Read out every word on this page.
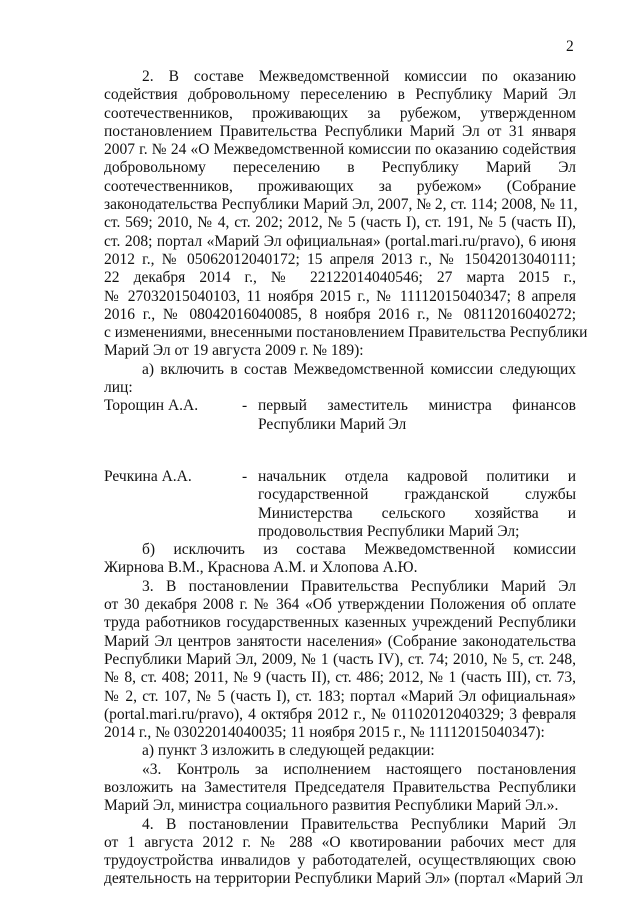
2
2. В составе Межведомственной комиссии по оказанию
содействия добровольному переселению в Республику Марий Эл
соотечественников, проживающих за рубежом, утвержденном
постановлением Правительства Республики Марий Эл от 31 января
2007 г. № 24 «О Межведомственной комиссии по оказанию содействия
добровольному переселению в Республику Марий Эл
соотечественников, проживающих за рубежом» (Собрание
законодательства Республики Марий Эл, 2007, № 2, ст. 114; 2008, № 11,
ст. 569; 2010, № 4, ст. 202; 2012, № 5 (часть I), ст. 191, № 5 (часть II),
ст. 208; портал «Марий Эл официальная» (portal.mari.ru/pravo), 6 июня
2012 г., № 05062012040172; 15 апреля 2013 г., № 15042013040111;
22 декабря 2014 г., № 22122014040546; 27 марта 2015 г.,
№ 27032015040103, 11 ноября 2015 г., № 11112015040347; 8 апреля
2016 г., № 08042016040085, 8 ноября 2016 г., № 08112016040272;
с изменениями, внесенными постановлением Правительства Республики
Марий Эл от 19 августа 2009 г. № 189):
а) включить в состав Межведомственной комиссии следующих
лиц:
Торощин А.А.	- первый заместитель министра финансов
Республики Марий Эл
Речкина А.А.	- начальник отдела кадровой политики и
государственной гражданской службы
Министерства сельского хозяйства и
продовольствия Республики Марий Эл;
б) исключить из состава Межведомственной комиссии
Жирнова В.М., Краснова А.М. и Хлопова А.Ю.
3. В постановлении Правительства Республики Марий Эл
от 30 декабря 2008 г. № 364 «Об утверждении Положения об оплате
труда работников государственных казенных учреждений Республики
Марий Эл центров занятости населения» (Собрание законодательства
Республики Марий Эл, 2009, № 1 (часть IV), ст. 74; 2010, № 5, ст. 248,
№ 8, ст. 408; 2011, № 9 (часть II), ст. 486; 2012, № 1 (часть III), ст. 73,
№ 2, ст. 107, № 5 (часть I), ст. 183; портал «Марий Эл официальная»
(portal.mari.ru/pravo), 4 октября 2012 г., № 01102012040329; 3 февраля
2014 г., № 03022014040035; 11 ноября 2015 г., № 11112015040347):
а) пункт 3 изложить в следующей редакции:
«3. Контроль за исполнением настоящего постановления
возложить на Заместителя Председателя Правительства Республики
Марий Эл, министра социального развития Республики Марий Эл.».
4. В постановлении Правительства Республики Марий Эл
от 1 августа 2012 г. № 288 «О квотировании рабочих мест для
трудоустройства инвалидов у работодателей, осуществляющих свою
деятельность на территории Республики Марий Эл» (портал «Марий Эл
